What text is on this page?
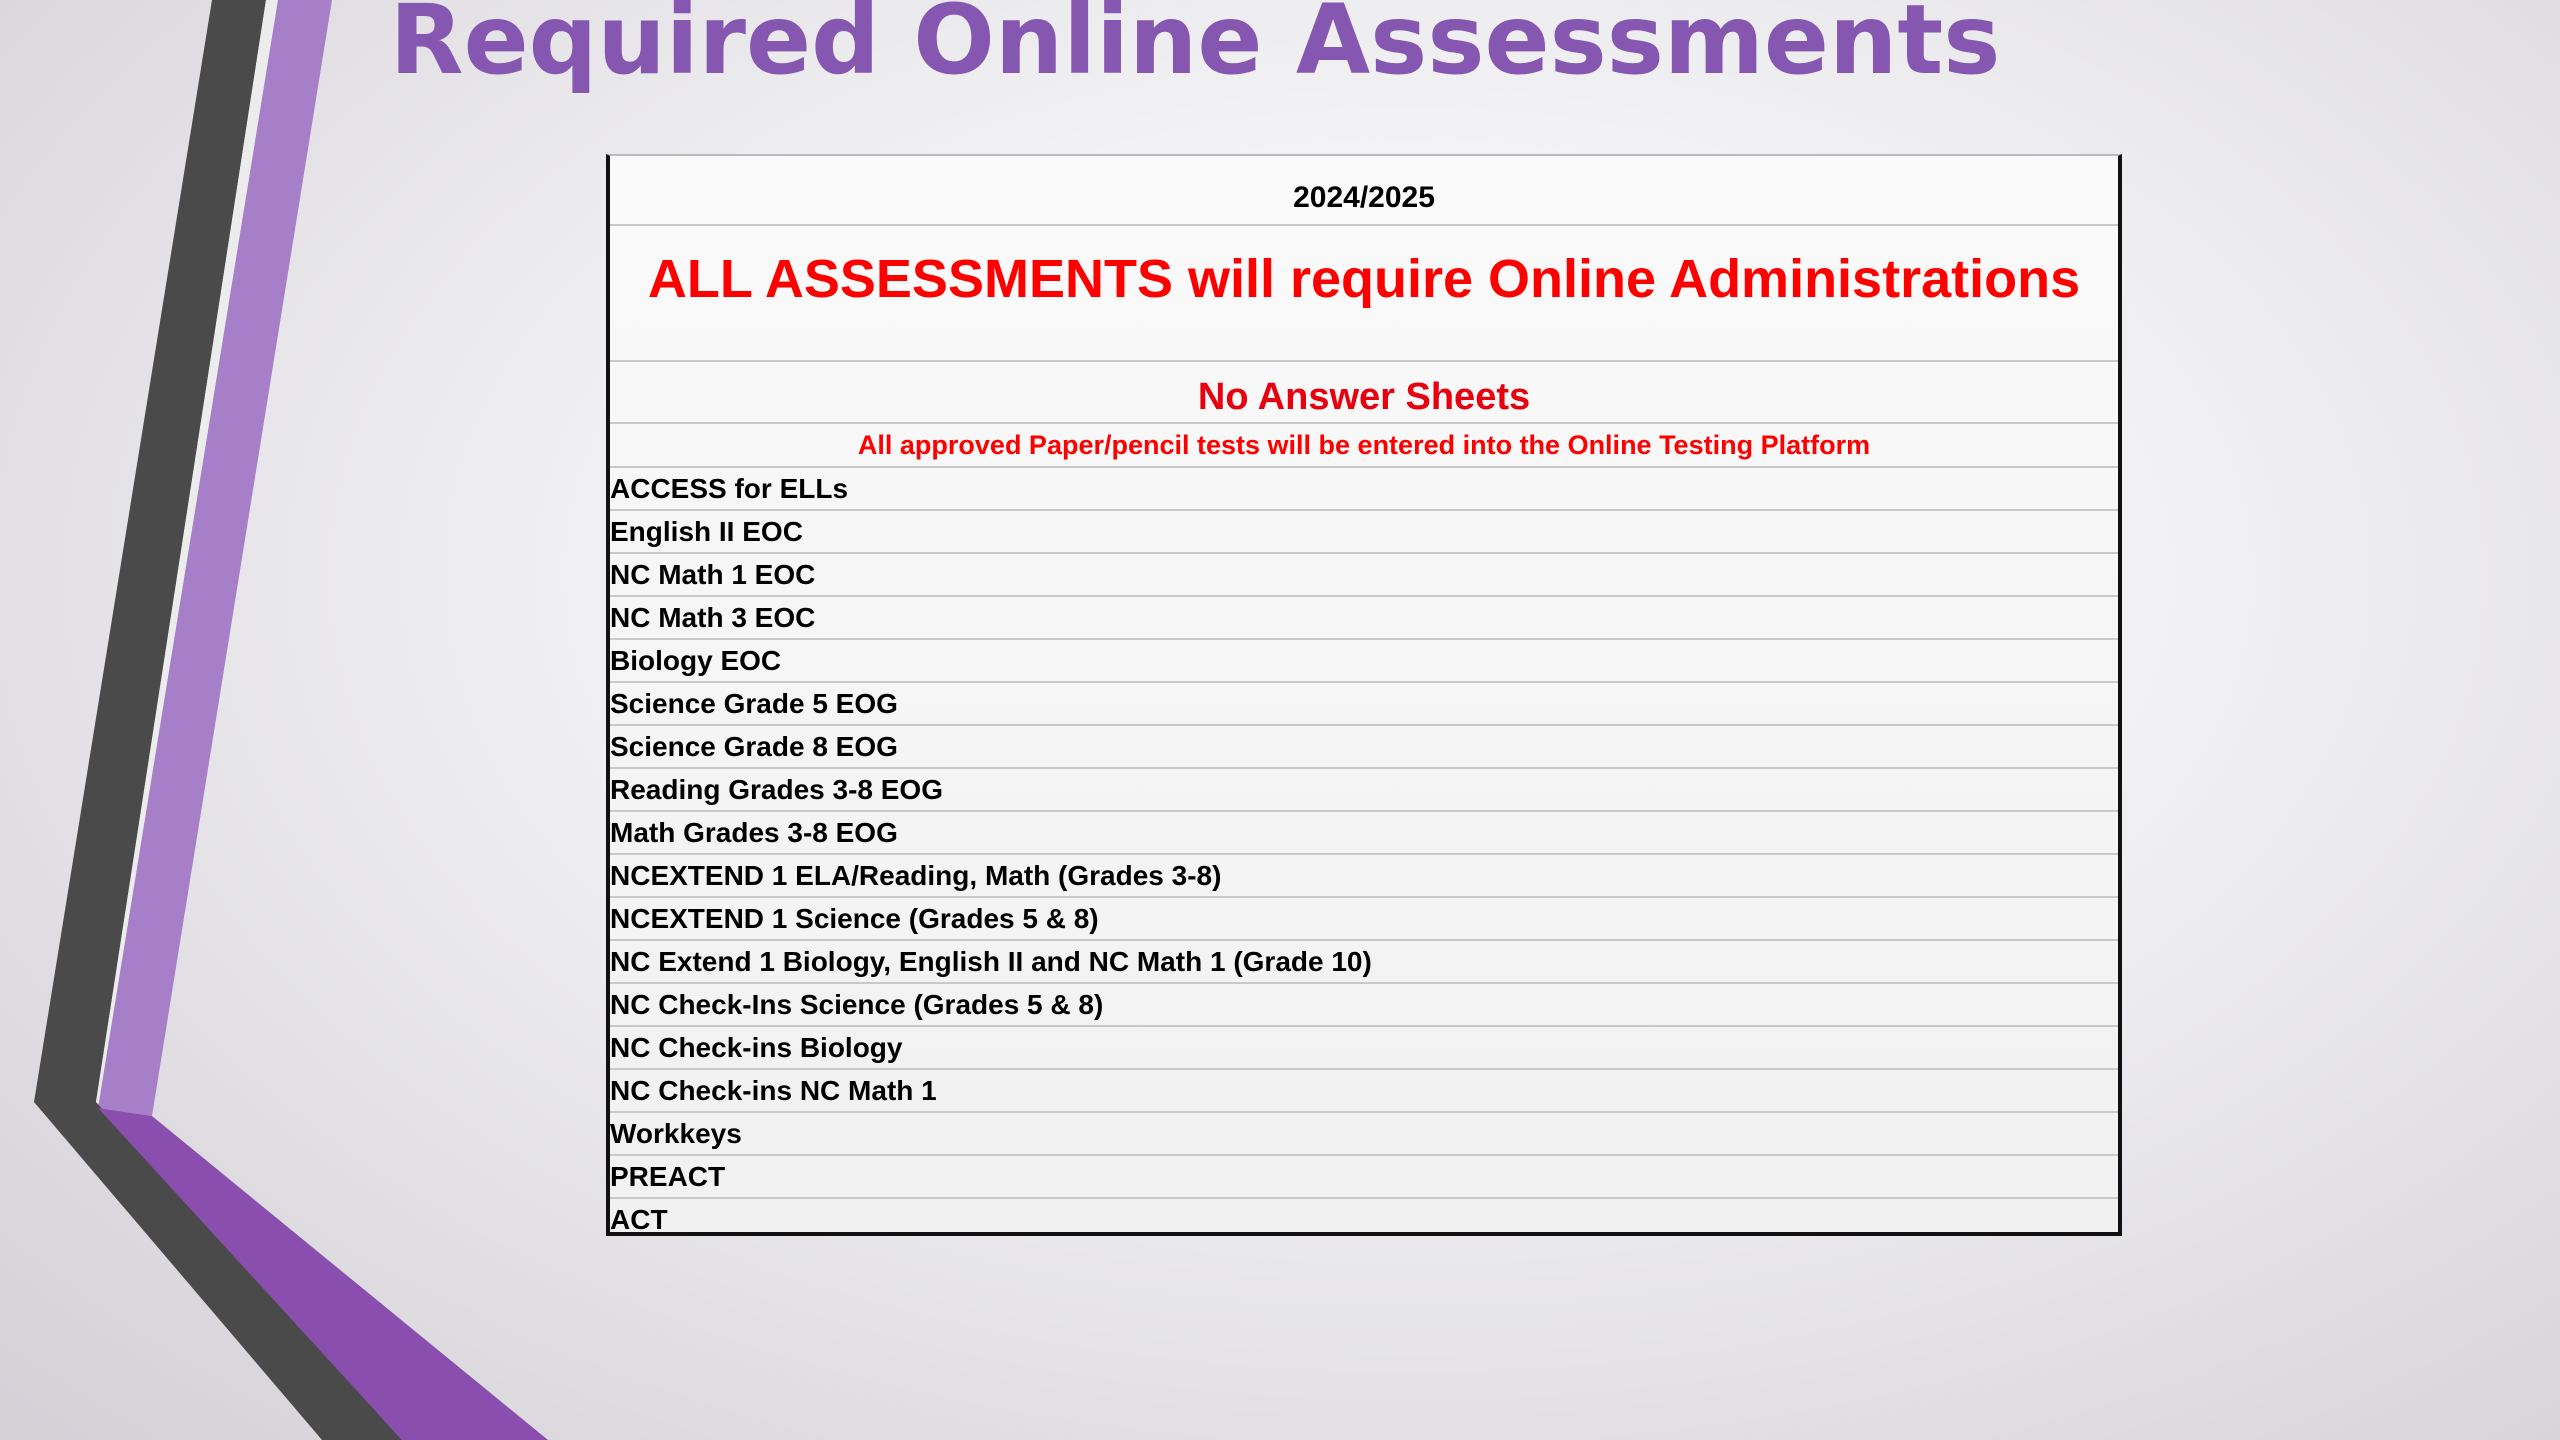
Required Online Assessments
2024/2025
ALL ASSESSMENTS will require Online Administrations
No Answer Sheets
All approved Paper/pencil tests will be entered into the Online Testing Platform
ACCESS for ELLs
English II EOC
NC Math 1 EOC
NC Math 3 EOC
Biology EOC
Science Grade 5 EOG
Science Grade 8 EOG
Reading Grades 3-8 EOG
Math Grades 3-8 EOG
NCEXTEND 1 ELA/Reading, Math (Grades 3-8)
NCEXTEND 1 Science (Grades 5 & 8)
NC Extend 1 Biology, English II and NC Math 1 (Grade 10)
NC Check-Ins Science (Grades 5 & 8)
NC Check-ins Biology
NC Check-ins NC Math 1
Workkeys
PREACT
ACT
